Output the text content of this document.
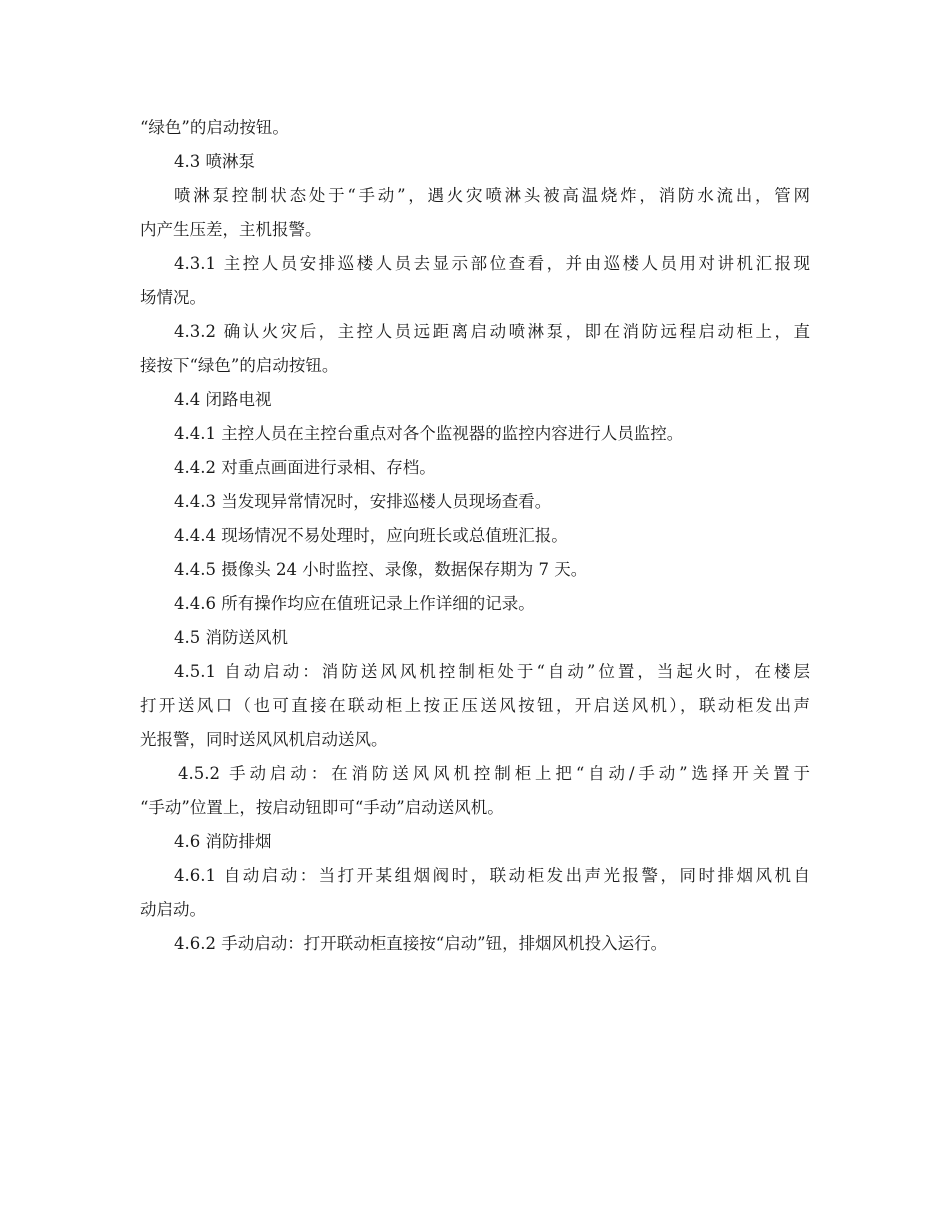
“绿色”的启动按钮。
4.3 喷淋泵
喷淋泵控制状态处于“手动”，遇火灾喷淋头被高温烧炸，消防水流出，管网
内产生压差，主机报警。
4.3.1 主控人员安排巡楼人员去显示部位查看，并由巡楼人员用对讲机汇报现
场情况。
4.3.2 确认火灾后，主控人员远距离启动喷淋泵，即在消防远程启动柜上，直
接按下“绿色”的启动按钮。
4.4 闭路电视
4.4.1 主控人员在主控台重点对各个监视器的监控内容进行人员监控。
4.4.2 对重点画面进行录相、存档。
4.4.3 当发现异常情况时，安排巡楼人员现场查看。
4.4.4 现场情况不易处理时，应向班长或总值班汇报。
4.4.5 摄像头 24 小时监控、录像，数据保存期为 7 天。
4.4.6 所有操作均应在值班记录上作详细的记录。
4.5 消防送风机
4.5.1 自动启动：消防送风风机控制柜处于“自动”位置，当起火时，在楼层
打开送风口（也可直接在联动柜上按正压送风按钮，开启送风机），联动柜发出声
光报警，同时送风风机启动送风。
4.5.2 手动启动：在消防送风风机控制柜上把“自动/手动”选择开关置于
“手动”位置上，按启动钮即可“手动”启动送风机。
4.6 消防排烟
4.6.1 自动启动：当打开某组烟阀时，联动柜发出声光报警，同时排烟风机自
动启动。
4.6.2 手动启动：打开联动柜直接按“启动”钮，排烟风机投入运行。
